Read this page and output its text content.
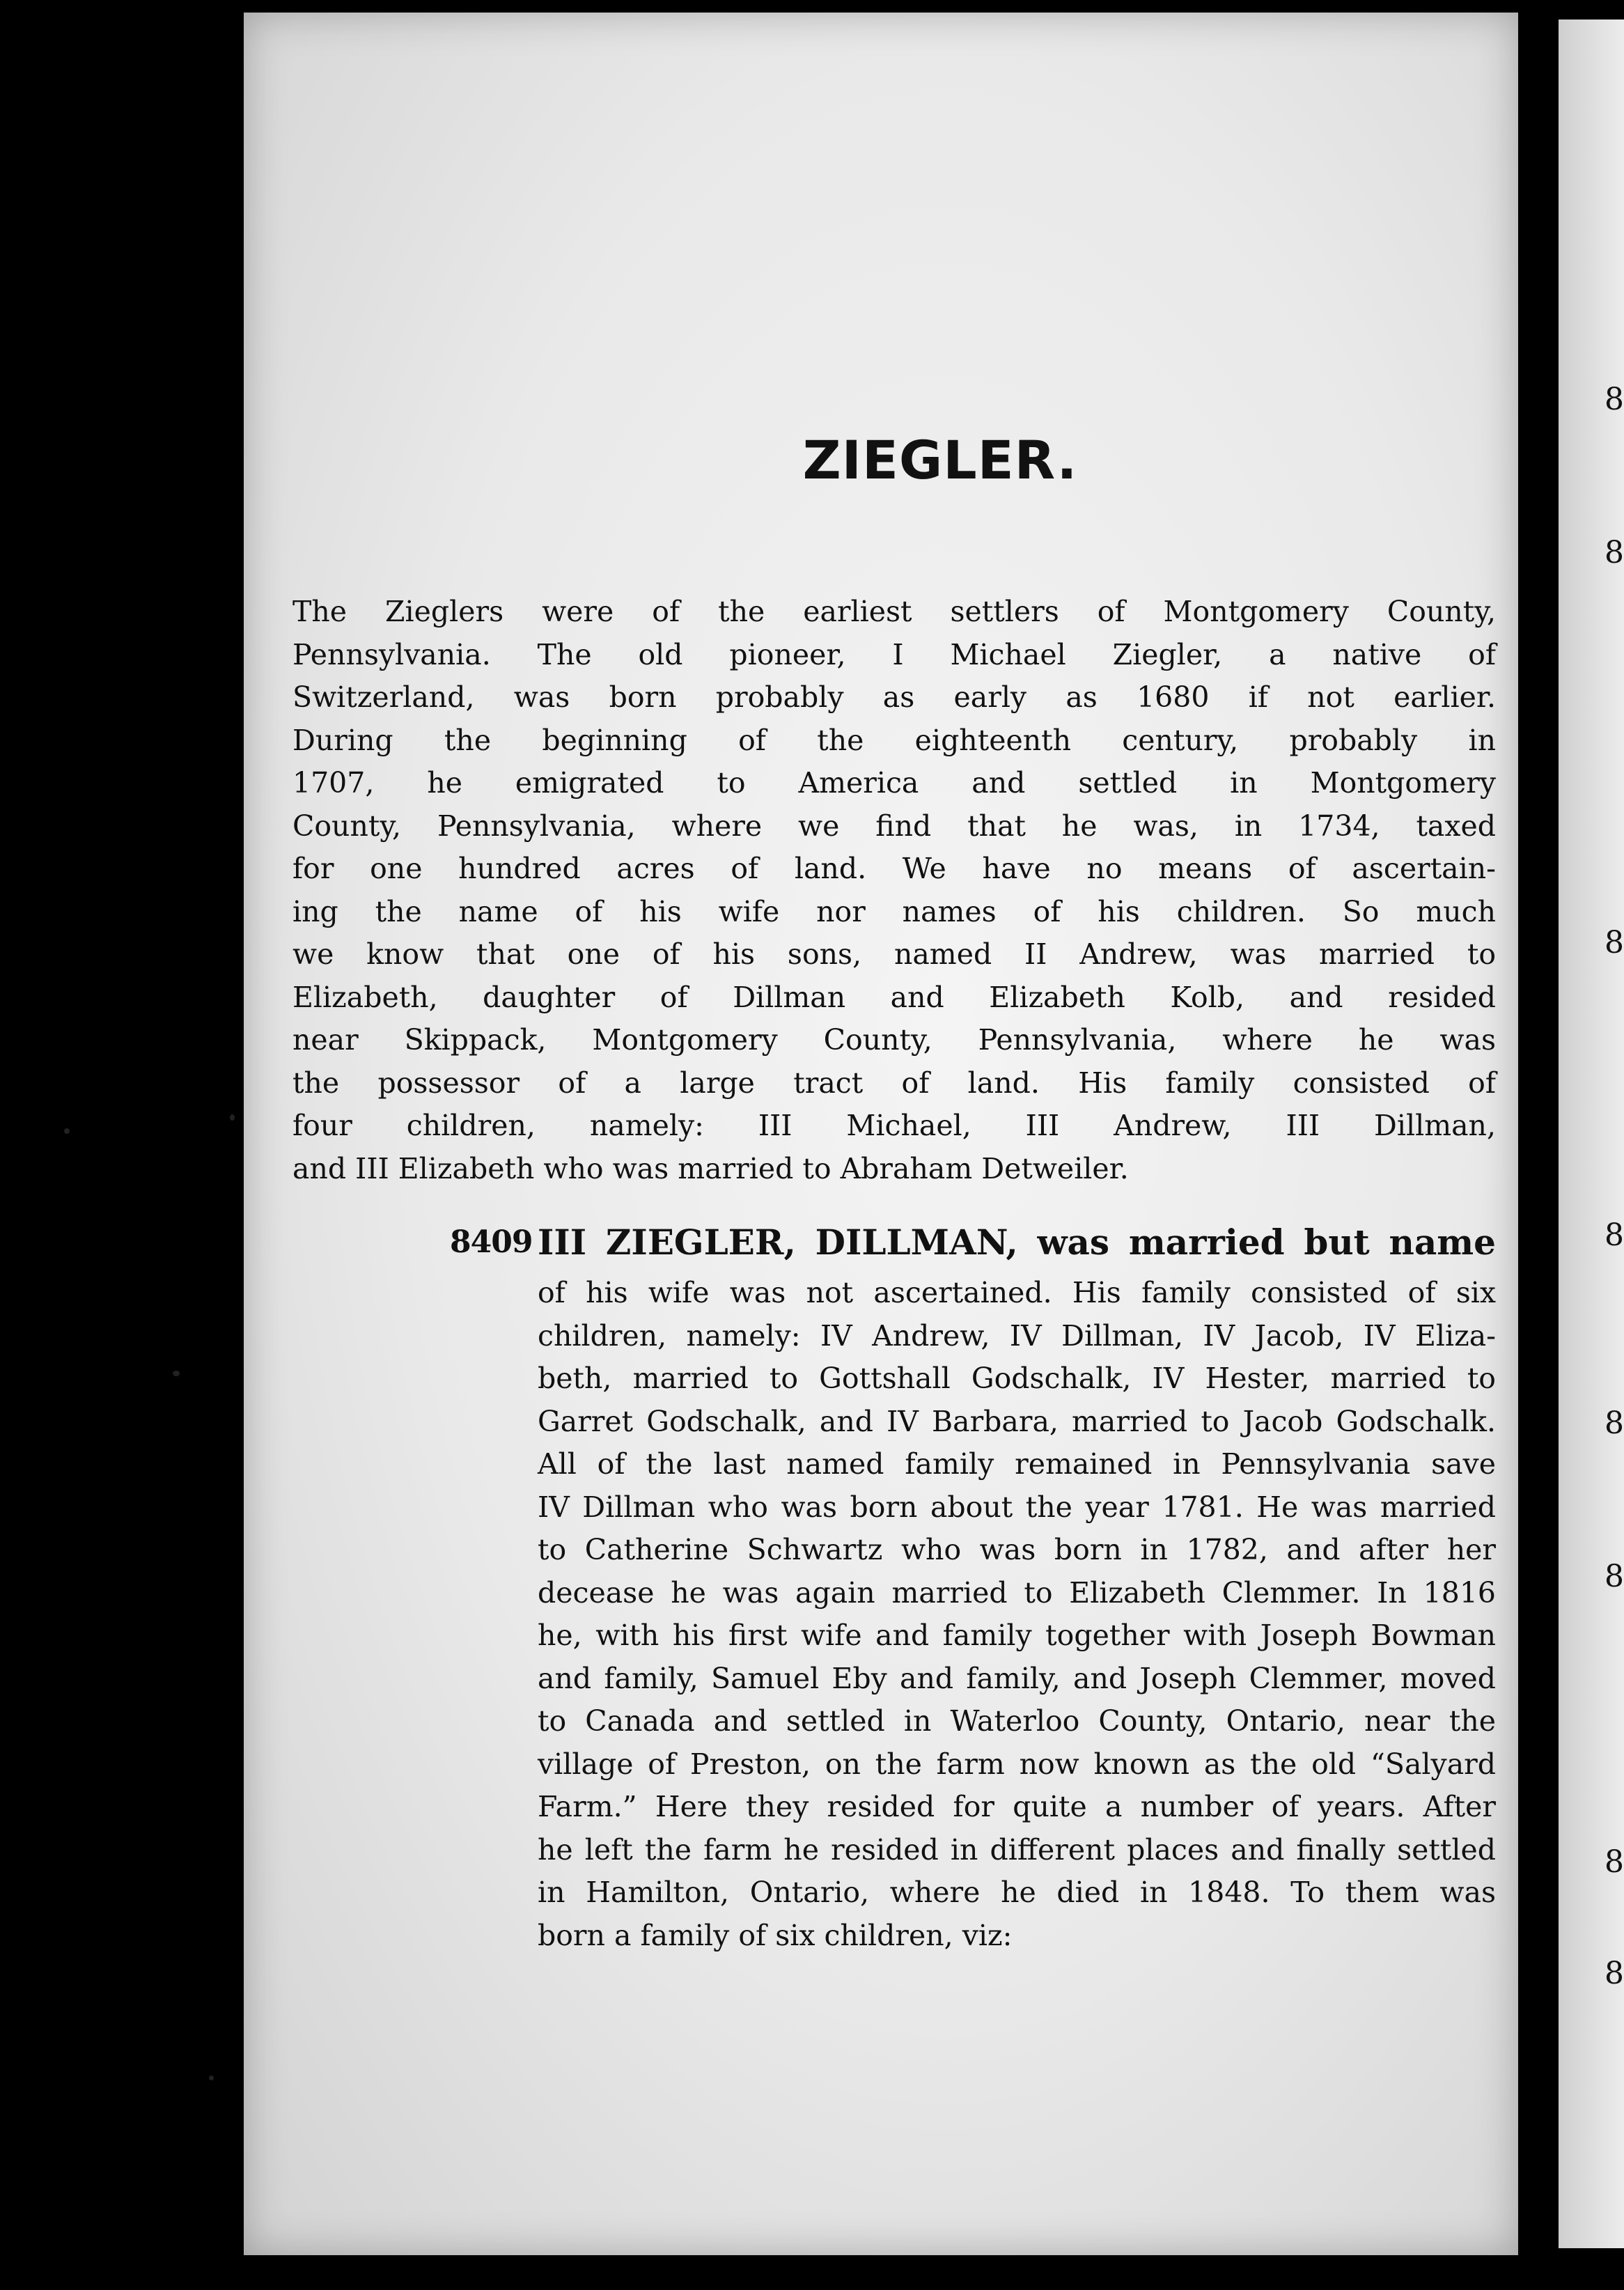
ZIEGLER.
8
8
8
8
8
8
8
8
The Zieglers were of the earliest settlers of Montgomery County,
Pennsylvania. The old pioneer, I Michael Ziegler, a native of
Switzerland, was born probably as early as 1680 if not earlier.
During the beginning of the eighteenth century, probably in
1707, he emigrated to America and settled in Montgomery
County, Pennsylvania, where we find that he was, in 1734, taxed
for one hundred acres of land. We have no means of ascertain-
ing the name of his wife nor names of his children. So much
we know that one of his sons, named II Andrew, was married to
Elizabeth, daughter of Dillman and Elizabeth Kolb, and resided
near Skippack, Montgomery County, Pennsylvania, where he was
the possessor of a large tract of land. His family consisted of
four children, namely: III Michael, III Andrew, III Dillman,
and III Elizabeth who was married to Abraham Detweiler.
8409 III ZIEGLER, DILLMAN, was married but name
of his wife was not ascertained. His family consisted of six
children, namely: IV Andrew, IV Dillman, IV Jacob, IV Eliza-
beth, married to Gottshall Godschalk, IV Hester, married to
Garret Godschalk, and IV Barbara, married to Jacob Godschalk.
All of the last named family remained in Pennsylvania save
IV Dillman who was born about the year 1781. He was married
to Catherine Schwartz who was born in 1782, and after her
decease he was again married to Elizabeth Clemmer. In 1816
he, with his first wife and family together with Joseph Bowman
and family, Samuel Eby and family, and Joseph Clemmer, moved
to Canada and settled in Waterloo County, Ontario, near the
village of Preston, on the farm now known as the old “Salyard
Farm.” Here they resided for quite a number of years. After
he left the farm he resided in different places and finally settled
in Hamilton, Ontario, where he died in 1848. To them was
born a family of six children, viz:
